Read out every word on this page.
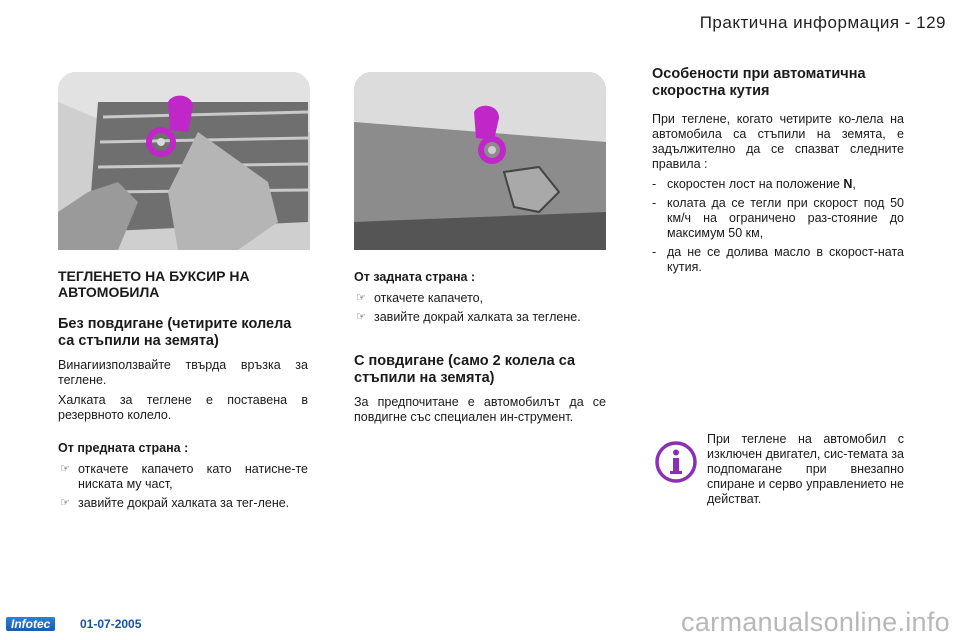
Практична информация - 129
ТЕГЛЕНЕТО НА БУКСИР НА АВТОМОБИЛА
Без повдигане (четирите колела са стъпили на земята)

Винагиизползвайте твърда връзка за теглене.

Халката за теглене е поставена в резервното колело.

От предната страна :
☞ откачете капачето като натисне-те ниската му част,
☞ завийте докрай халката за тег-лене.
От задната страна :
☞ откачете капачето,
☞ завийте докрай халката за теглене.
С повдигане (само 2 колела са стъпили на земята)

За предпочитане е автомобилът да се повдигне със специален ин-струмент.

Особености при автоматична скоростна кутия

При теглене, когато четирите ко-лела на автомобила са стъпили на земята, е задължително да се спазват следните правила :

- скоростен лост на положение N,
- колата да се тегли при скорост под 50 км/ч на ограничено раз-стояние до максимум 50 км,
- да не се долива масло в скорост-ната кутия.
При теглене на автомобил с изключен двигател, сис-темата за подпомагане при внезапно спиране и серво управлението не действат.
Infotec	01-07-2005	carmanualsonline.info
